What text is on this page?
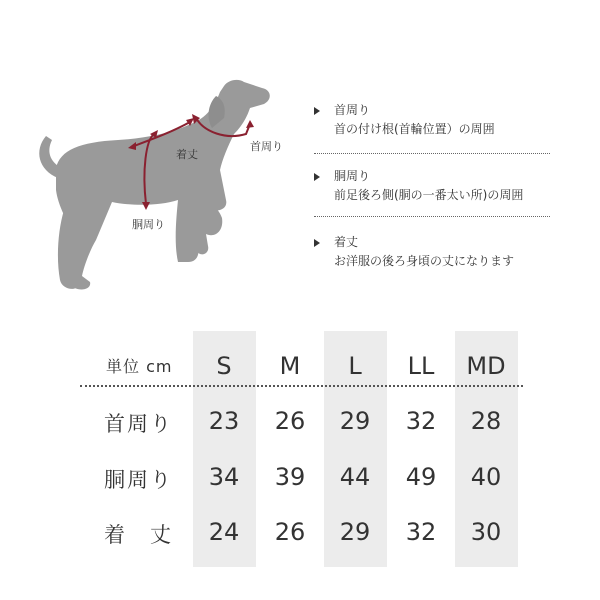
着丈
首周り
胴周り
首周り
首の付け根(首輪位置）の周囲
胴周り
前足後ろ側(胴の一番太い所)の周囲
着丈
お洋服の後ろ身頃の丈になります
単位 cm	S	M	L	LL	MD
首周り	23	26	29	32	28
胴周り	34	39	44	49	40
着　丈	24	26	29	32	30
